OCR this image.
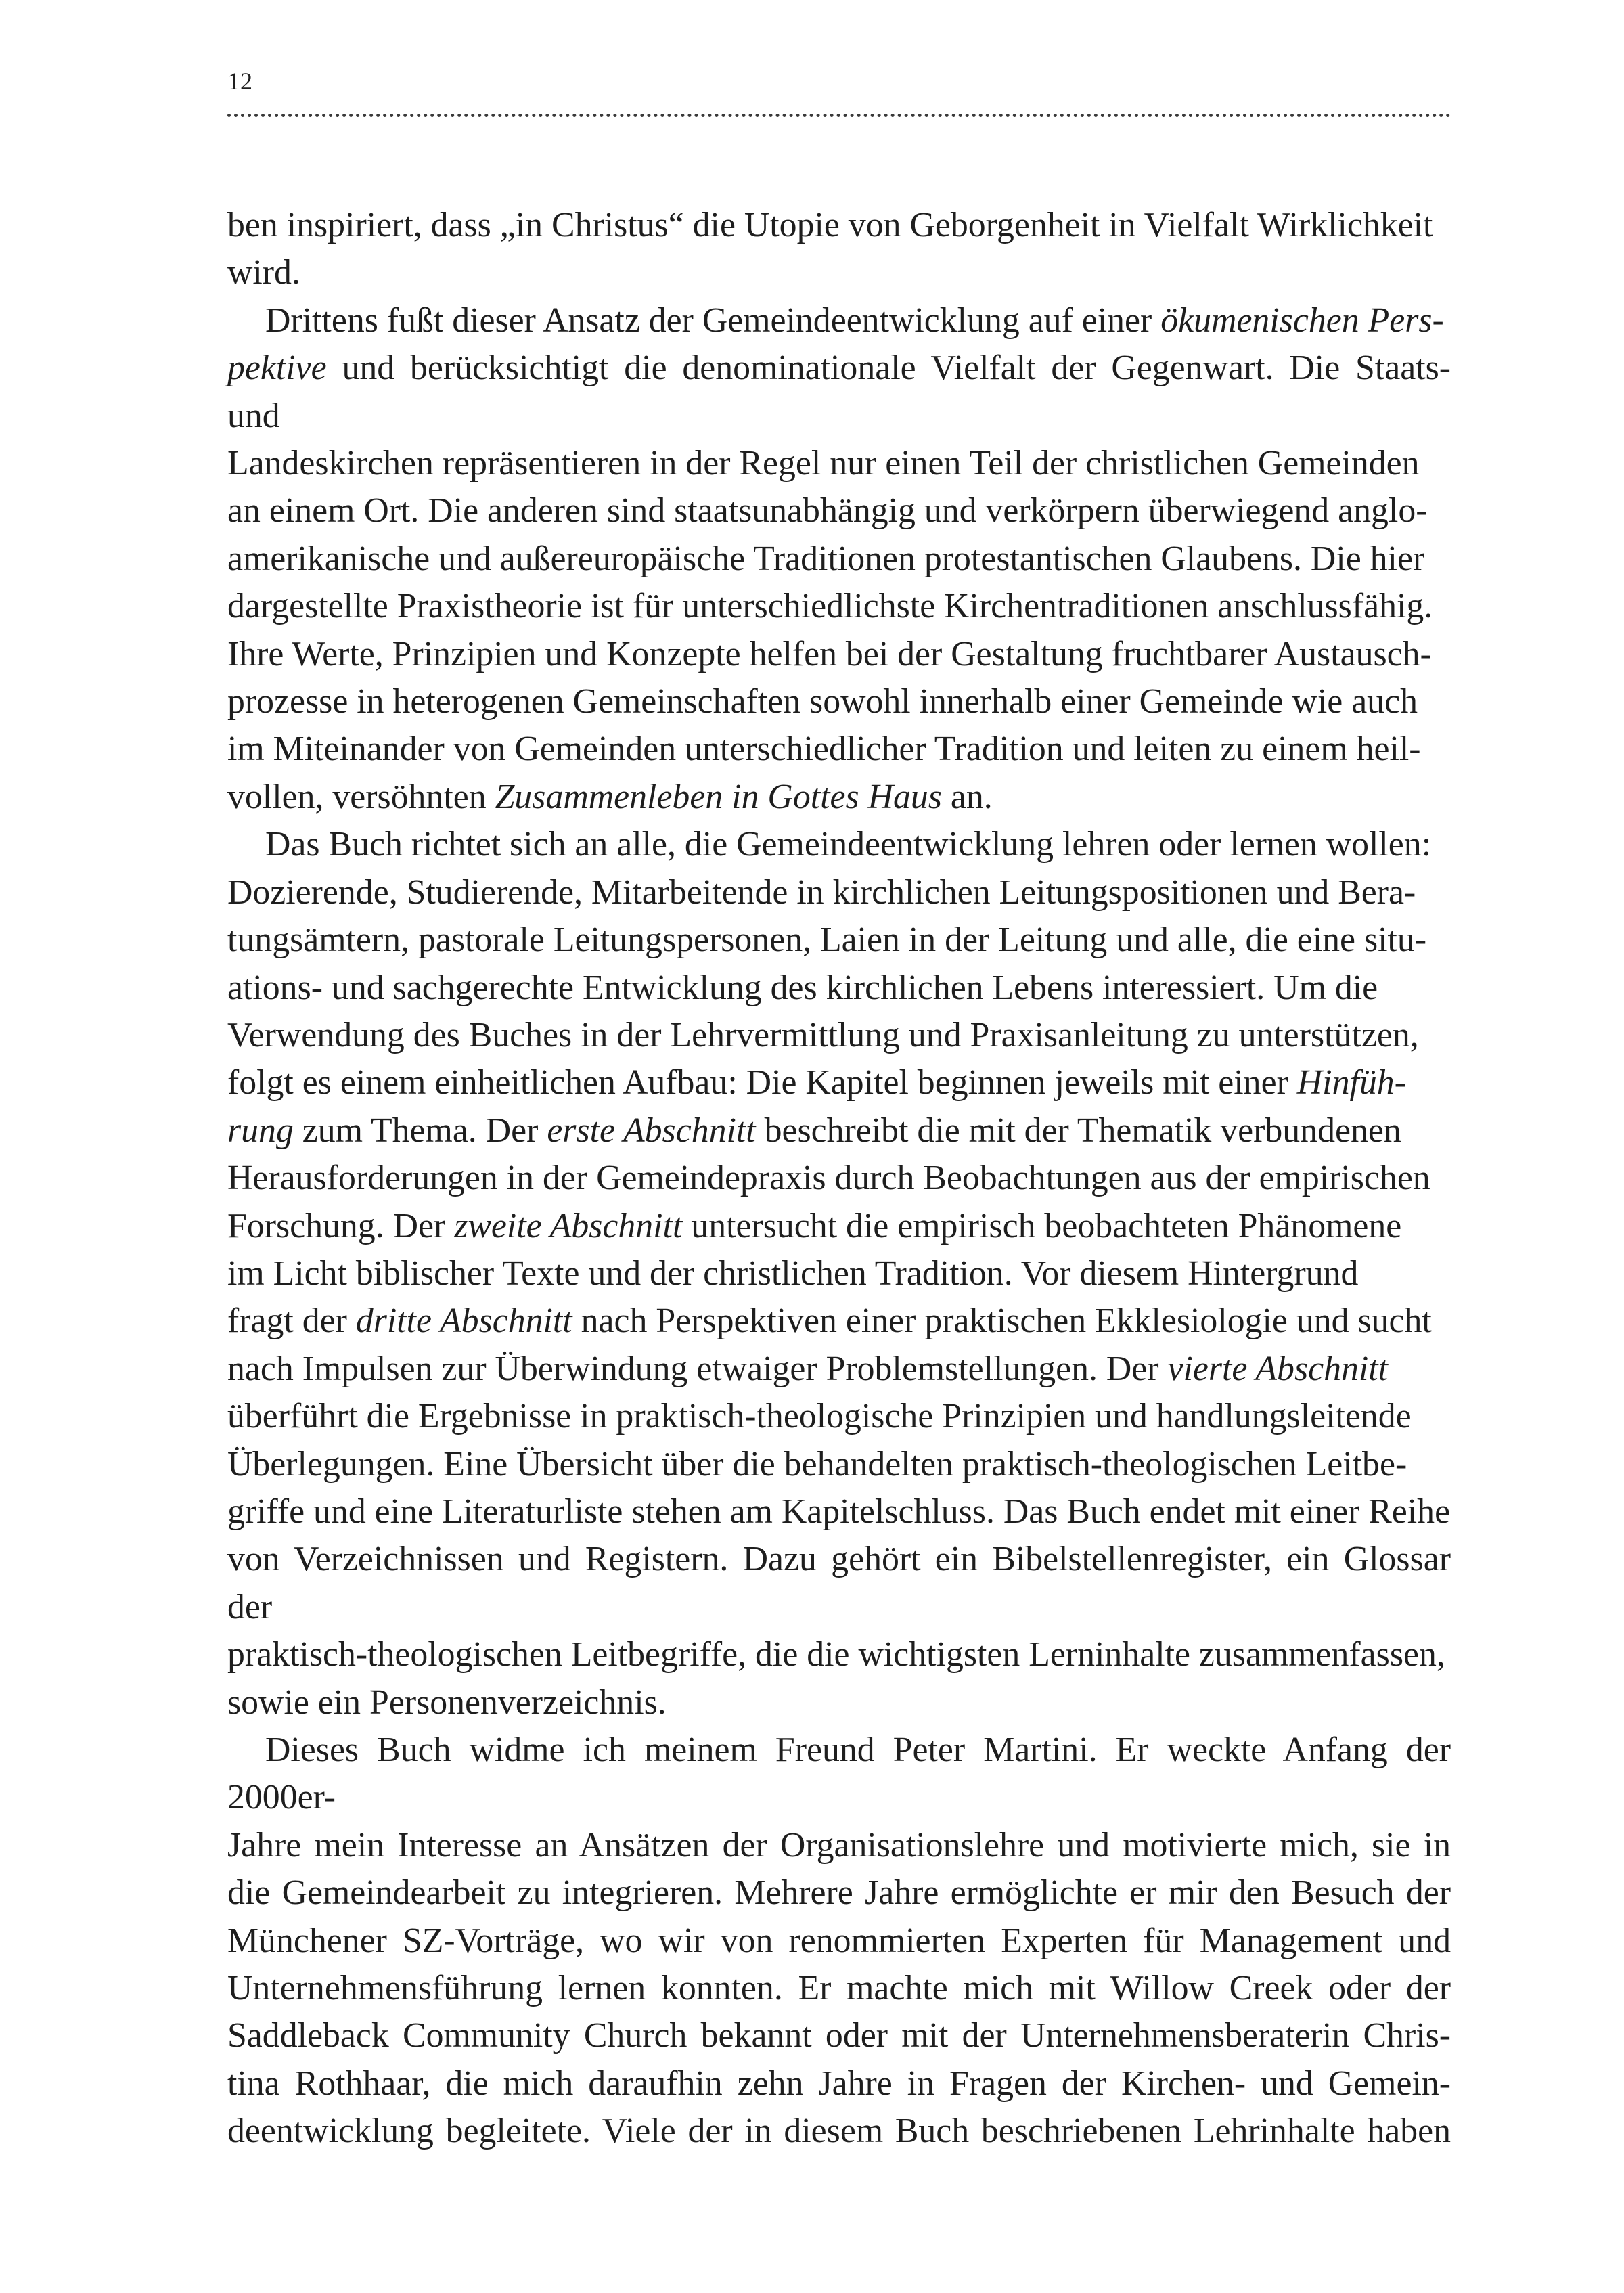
12

ben inspiriert, dass „in Christus“ die Utopie von Geborgenheit in Vielfalt Wirklichkeit
wird.

Drittens fußt dieser Ansatz der Gemeindeentwicklung auf einer ökumenischen Pers-
pektive und berücksichtigt die denominationale Vielfalt der Gegenwart. Die Staats- und
Landeskirchen repräsentieren in der Regel nur einen Teil der christlichen Gemeinden
an einem Ort. Die anderen sind staatsunabhängig und verkörpern überwiegend anglo-
amerikanische und außereuropäische Traditionen protestantischen Glaubens. Die hier
dargestellte Praxistheorie ist für unterschiedlichste Kirchentraditionen anschlussfähig.
Ihre Werte, Prinzipien und Konzepte helfen bei der Gestaltung fruchtbarer Austausch-
prozesse in heterogenen Gemeinschaften sowohl innerhalb einer Gemeinde wie auch
im Miteinander von Gemeinden unterschiedlicher Tradition und leiten zu einem heil-
vollen, versöhnten Zusammenleben in Gottes Haus an.

Das Buch richtet sich an alle, die Gemeindeentwicklung lehren oder lernen wollen:
Dozierende, Studierende, Mitarbeitende in kirchlichen Leitungspositionen und Bera-
tungsämtern, pastorale Leitungspersonen, Laien in der Leitung und alle, die eine situ-
ations- und sachgerechte Entwicklung des kirchlichen Lebens interessiert. Um die
Verwendung des Buches in der Lehrvermittlung und Praxisanleitung zu unterstützen,
folgt es einem einheitlichen Aufbau: Die Kapitel beginnen jeweils mit einer Hinfüh-
rung zum Thema. Der erste Abschnitt beschreibt die mit der Thematik verbundenen
Herausforderungen in der Gemeindepraxis durch Beobachtungen aus der empirischen
Forschung. Der zweite Abschnitt untersucht die empirisch beobachteten Phänomene
im Licht biblischer Texte und der christlichen Tradition. Vor diesem Hintergrund
fragt der dritte Abschnitt nach Perspektiven einer praktischen Ekklesiologie und sucht
nach Impulsen zur Überwindung etwaiger Problemstellungen. Der vierte Abschnitt
überführt die Ergebnisse in praktisch-theologische Prinzipien und handlungsleitende
Überlegungen. Eine Übersicht über die behandelten praktisch-theologischen Leitbe-
griffe und eine Literaturliste stehen am Kapitelschluss. Das Buch endet mit einer Reihe
von Verzeichnissen und Registern. Dazu gehört ein Bibelstellenregister, ein Glossar der
praktisch-theologischen Leitbegriffe, die die wichtigsten Lerninhalte zusammenfassen,
sowie ein Personenverzeichnis.

Dieses Buch widme ich meinem Freund Peter Martini. Er weckte Anfang der 2000er-
Jahre mein Interesse an Ansätzen der Organisationslehre und motivierte mich, sie in
die Gemeindearbeit zu integrieren. Mehrere Jahre ermöglichte er mir den Besuch der
Münchener SZ-Vorträge, wo wir von renommierten Experten für Management und
Unternehmensführung lernen konnten. Er machte mich mit Willow Creek oder der
Saddleback Community Church bekannt oder mit der Unternehmensberaterin Chris-
tina Rothhaar, die mich daraufhin zehn Jahre in Fragen der Kirchen- und Gemein-
deentwicklung begleitete. Viele der in diesem Buch beschriebenen Lehrinhalte haben
